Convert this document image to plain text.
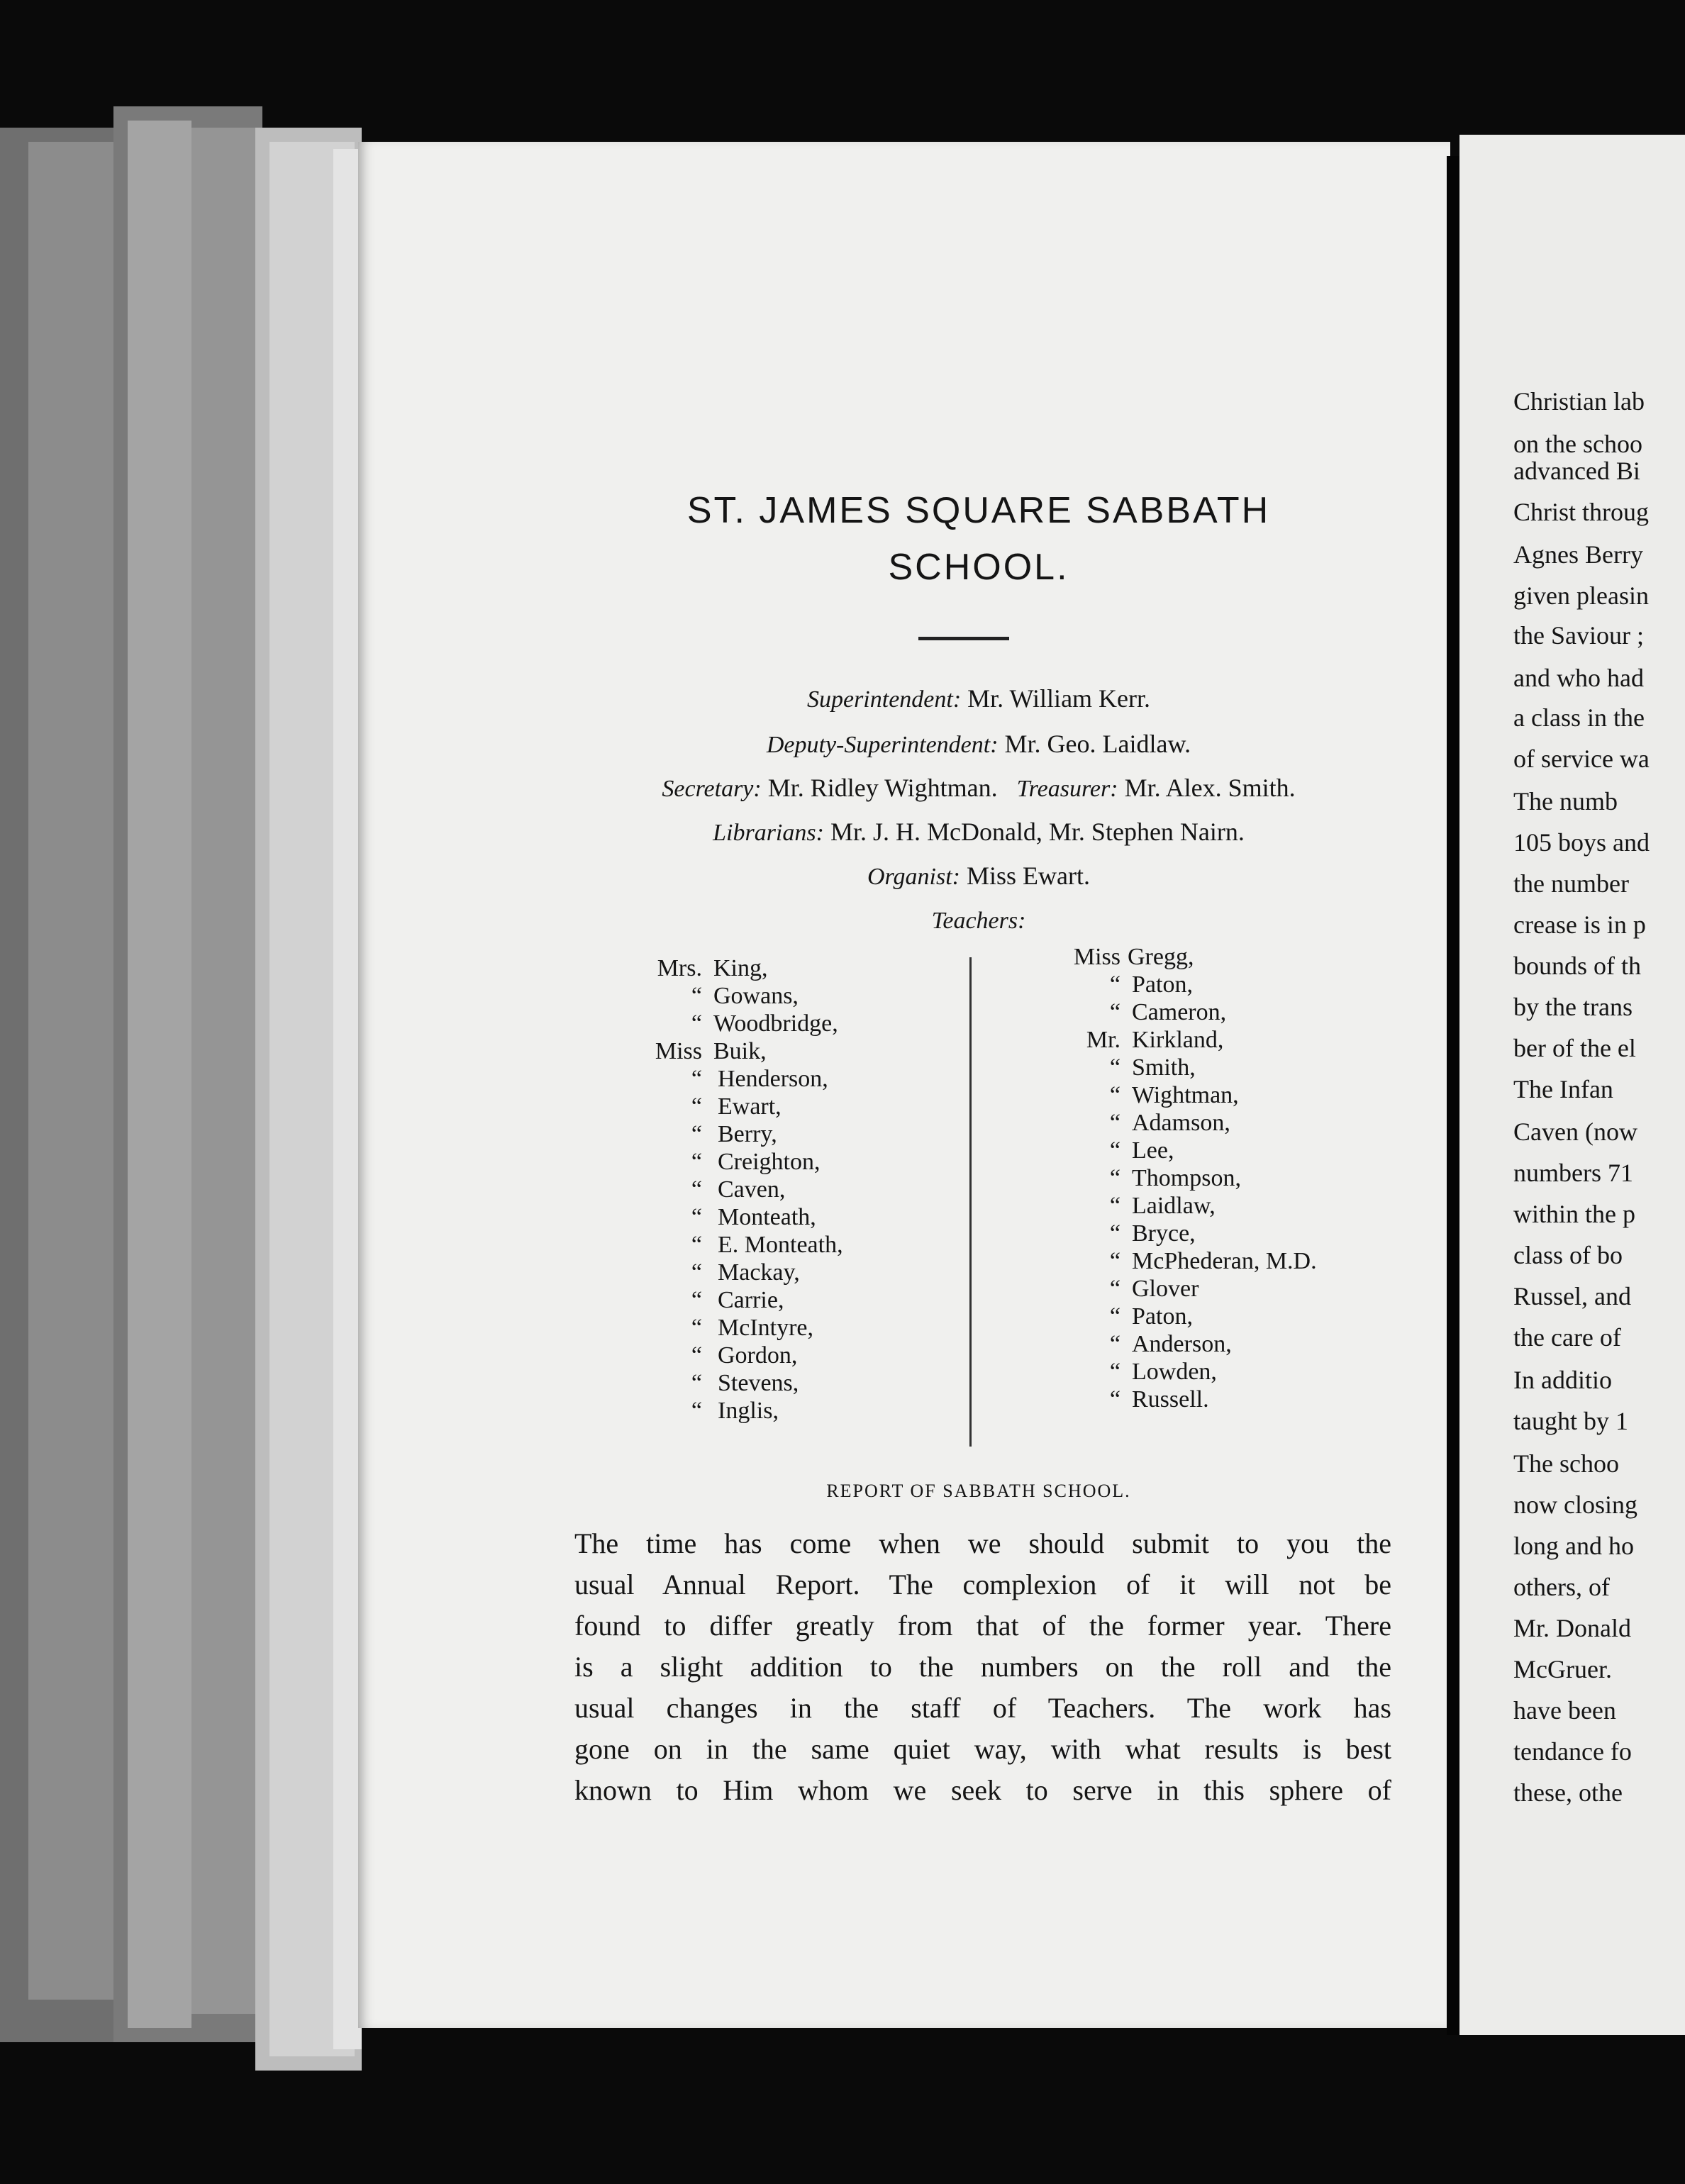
ST. JAMES SQUARE SABBATH
SCHOOL.
Superintendent: Mr. William Kerr.
Deputy-Superintendent: Mr. Geo. Laidlaw.
Secretary: Mr. Ridley Wightman. Treasurer: Mr. Alex. Smith.
Librarians: Mr. J. H. McDonald, Mr. Stephen Nairn.
Organist: Miss Ewart.
Teachers:
Mrs. King,
“ Gowans,
“ Woodbridge,
Miss Buik,
“ Henderson,
“ Ewart,
“ Berry,
“ Creighton,
“ Caven,
“ Monteath,
“ E. Monteath,
“ Mackay,
“ Carrie,
“ McIntyre,
“ Gordon,
“ Stevens,
“ Inglis,
Miss Gregg,
“ Paton,
“ Cameron,
Mr. Kirkland,
“ Smith,
“ Wightman,
“ Adamson,
“ Lee,
“ Thompson,
“ Laidlaw,
“ Bryce,
“ McPhederan, M.D.
“ Glover
“ Paton,
“ Anderson,
“ Lowden,
“ Russell.
REPORT OF SABBATH SCHOOL.
The time has come when we should submit to you the
usual Annual Report. The complexion of it will not be
found to differ greatly from that of the former year. There
is a slight addition to the numbers on the roll and the
usual changes in the staff of Teachers. The work has
gone on in the same quiet way, with what results is best
known to Him whom we seek to serve in this sphere of
Christian lab
on the schoo
advanced Bi
Christ throug
Agnes Berry
given pleasin
the Saviour ;
and who had
a class in the
of service wa
The numb
105 boys and
the number
crease is in p
bounds of th
by the trans
ber of the el
The Infan
Caven (now
numbers 71
within the p
class of bo
Russel, and
the care of
In additio
taught by 1
The schoo
now closing
long and ho
others, of
Mr. Donald
McGruer.
have been
tendance fo
these, othe
